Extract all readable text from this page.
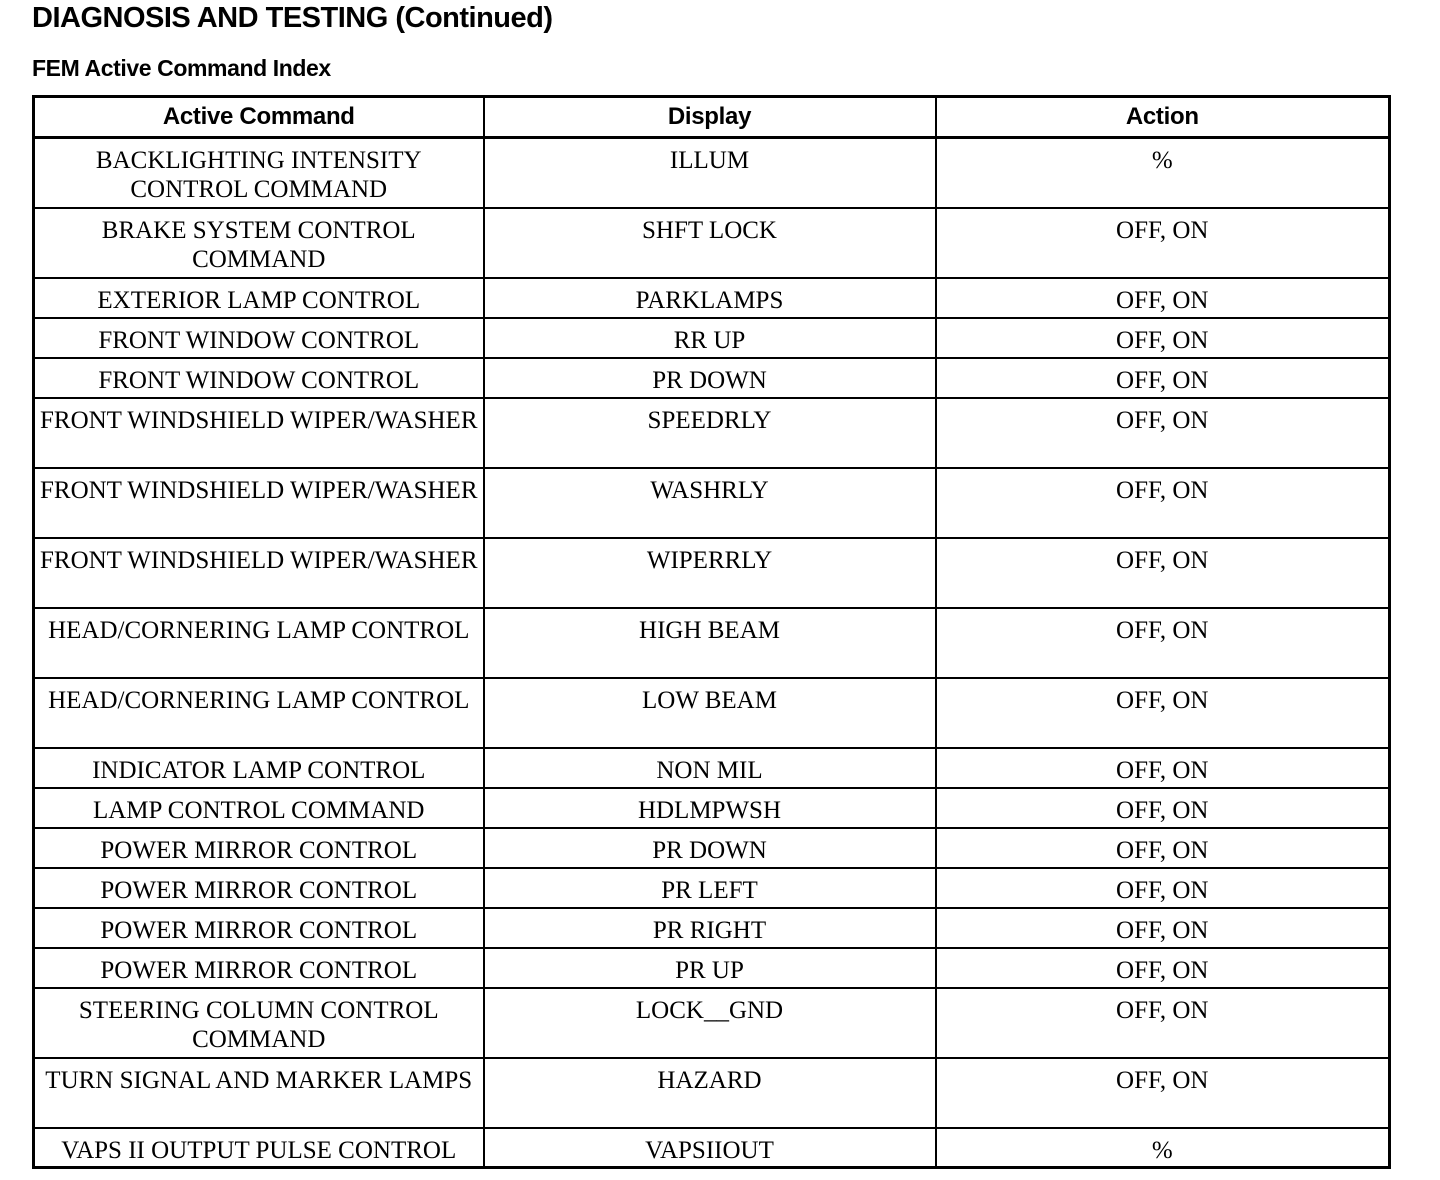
DIAGNOSIS AND TESTING (Continued)
FEM Active Command Index
Active Command	Display	Action
BACKLIGHTING INTENSITY CONTROL COMMAND	ILLUM	%
BRAKE SYSTEM CONTROL COMMAND	SHFT LOCK	OFF, ON
EXTERIOR LAMP CONTROL	PARKLAMPS	OFF, ON
FRONT WINDOW CONTROL	RR UP	OFF, ON
FRONT WINDOW CONTROL	PR DOWN	OFF, ON
FRONT WINDSHIELD WIPER/WASHER	SPEEDRLY	OFF, ON
FRONT WINDSHIELD WIPER/WASHER	WASHRLY	OFF, ON
FRONT WINDSHIELD WIPER/WASHER	WIPERRLY	OFF, ON
HEAD/CORNERING LAMP CONTROL	HIGH BEAM	OFF, ON
HEAD/CORNERING LAMP CONTROL	LOW BEAM	OFF, ON
INDICATOR LAMP CONTROL	NON MIL	OFF, ON
LAMP CONTROL COMMAND	HDLMPWSH	OFF, ON
POWER MIRROR CONTROL	PR DOWN	OFF, ON
POWER MIRROR CONTROL	PR LEFT	OFF, ON
POWER MIRROR CONTROL	PR RIGHT	OFF, ON
POWER MIRROR CONTROL	PR UP	OFF, ON
STEERING COLUMN CONTROL COMMAND	LOCK__GND	OFF, ON
TURN SIGNAL AND MARKER LAMPS	HAZARD	OFF, ON
VAPS II OUTPUT PULSE CONTROL	VAPSIIOUT	%
